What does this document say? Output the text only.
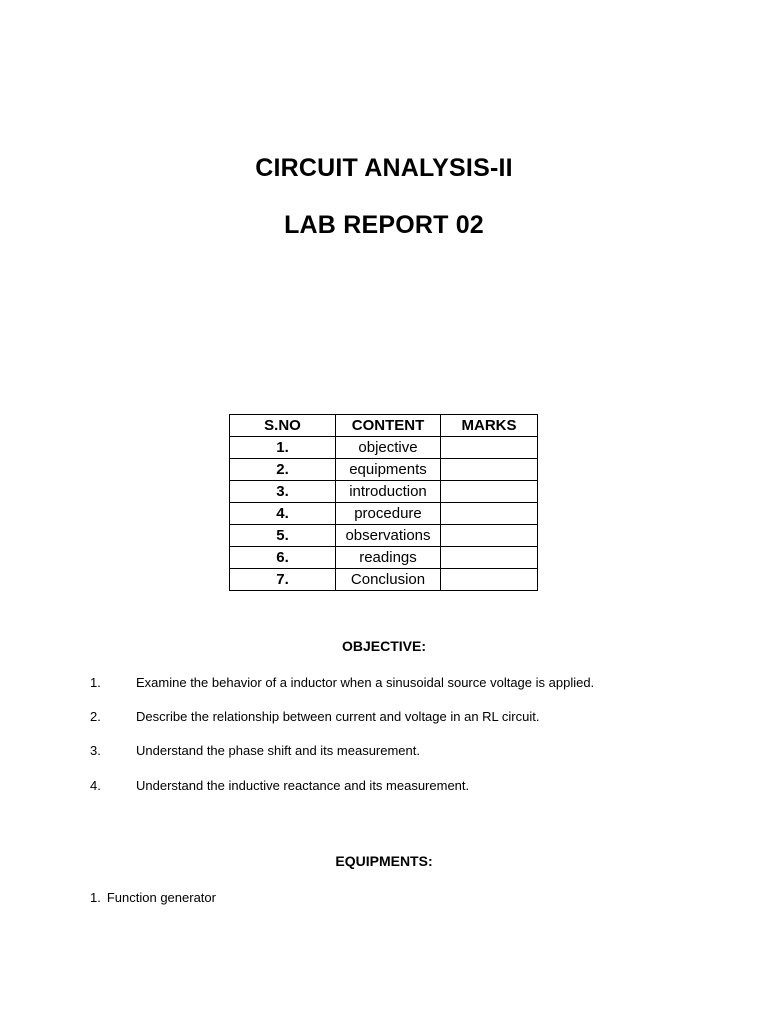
CIRCUIT ANALYSIS-II
LAB REPORT 02
S.NO	CONTENT	MARKS
1.	objective	
2.	equipments	
3.	introduction	
4.	procedure	
5.	observations	
6.	readings	
7.	Conclusion	
OBJECTIVE:
1.	Examine the behavior of a inductor when a sinusoidal source voltage is applied.
2.	Describe the relationship between current and voltage in an RL circuit.
3.	Understand the phase shift and its measurement.
4.	Understand the inductive reactance and its measurement.
EQUIPMENTS:
1. Function generator
